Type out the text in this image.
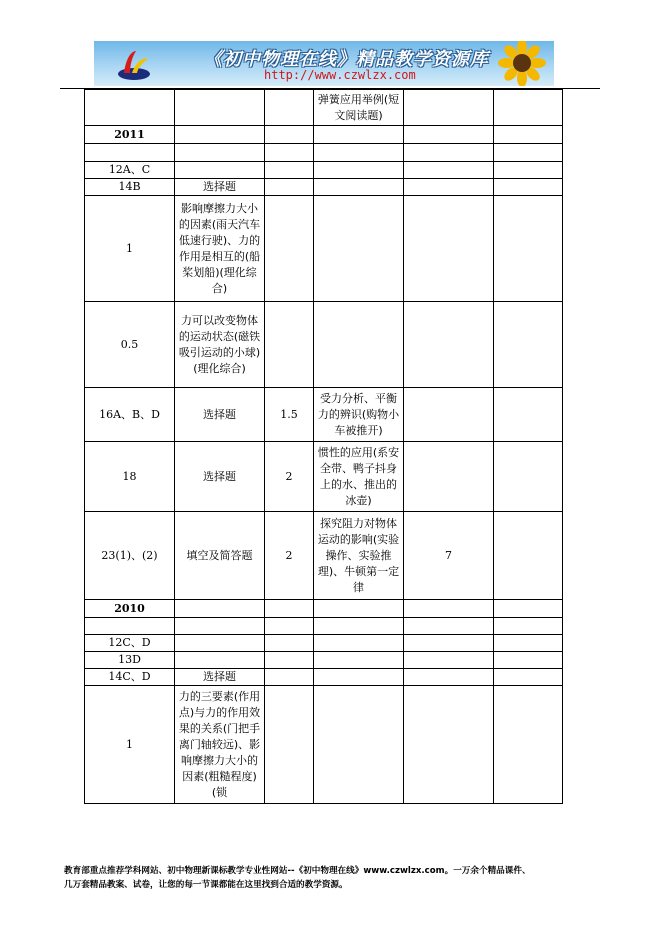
《初中物理在线》精品教学资源库
http://www.czwlzx.com
			弹簧应用举例(短文阅读题)		
2011					

12A、C					
14B	选择题				
1	影响摩擦力大小的因素(雨天汽车低速行驶)、力的作用是相互的(船桨划船)(理化综合)				
0.5	力可以改变物体的运动状态(磁铁吸引运动的小球)(理化综合)				
16A、B、D	选择题	1.5	受力分析、平衡力的辨识(购物小车被推开)		
18	选择题	2	惯性的应用(系安全带、鸭子抖身上的水、推出的冰壶)		
23(1)、(2)	填空及简答题	2	探究阻力对物体运动的影响(实验操作、实验推理)、牛顿第一定律	7	
2010					

12C、D					
13D					
14C、D	选择题				
1	力的三要素(作用点)与力的作用效果的关系(门把手离门轴较远)、影响摩擦力大小的因素(粗糙程度)(锁				
教育部重点推荐学科网站、初中物理新课标教学专业性网站--《初中物理在线》www.czwlzx.com。一万余个精品课件、
几万套精品教案、试卷，让您的每一节课都能在这里找到合适的教学资源。
